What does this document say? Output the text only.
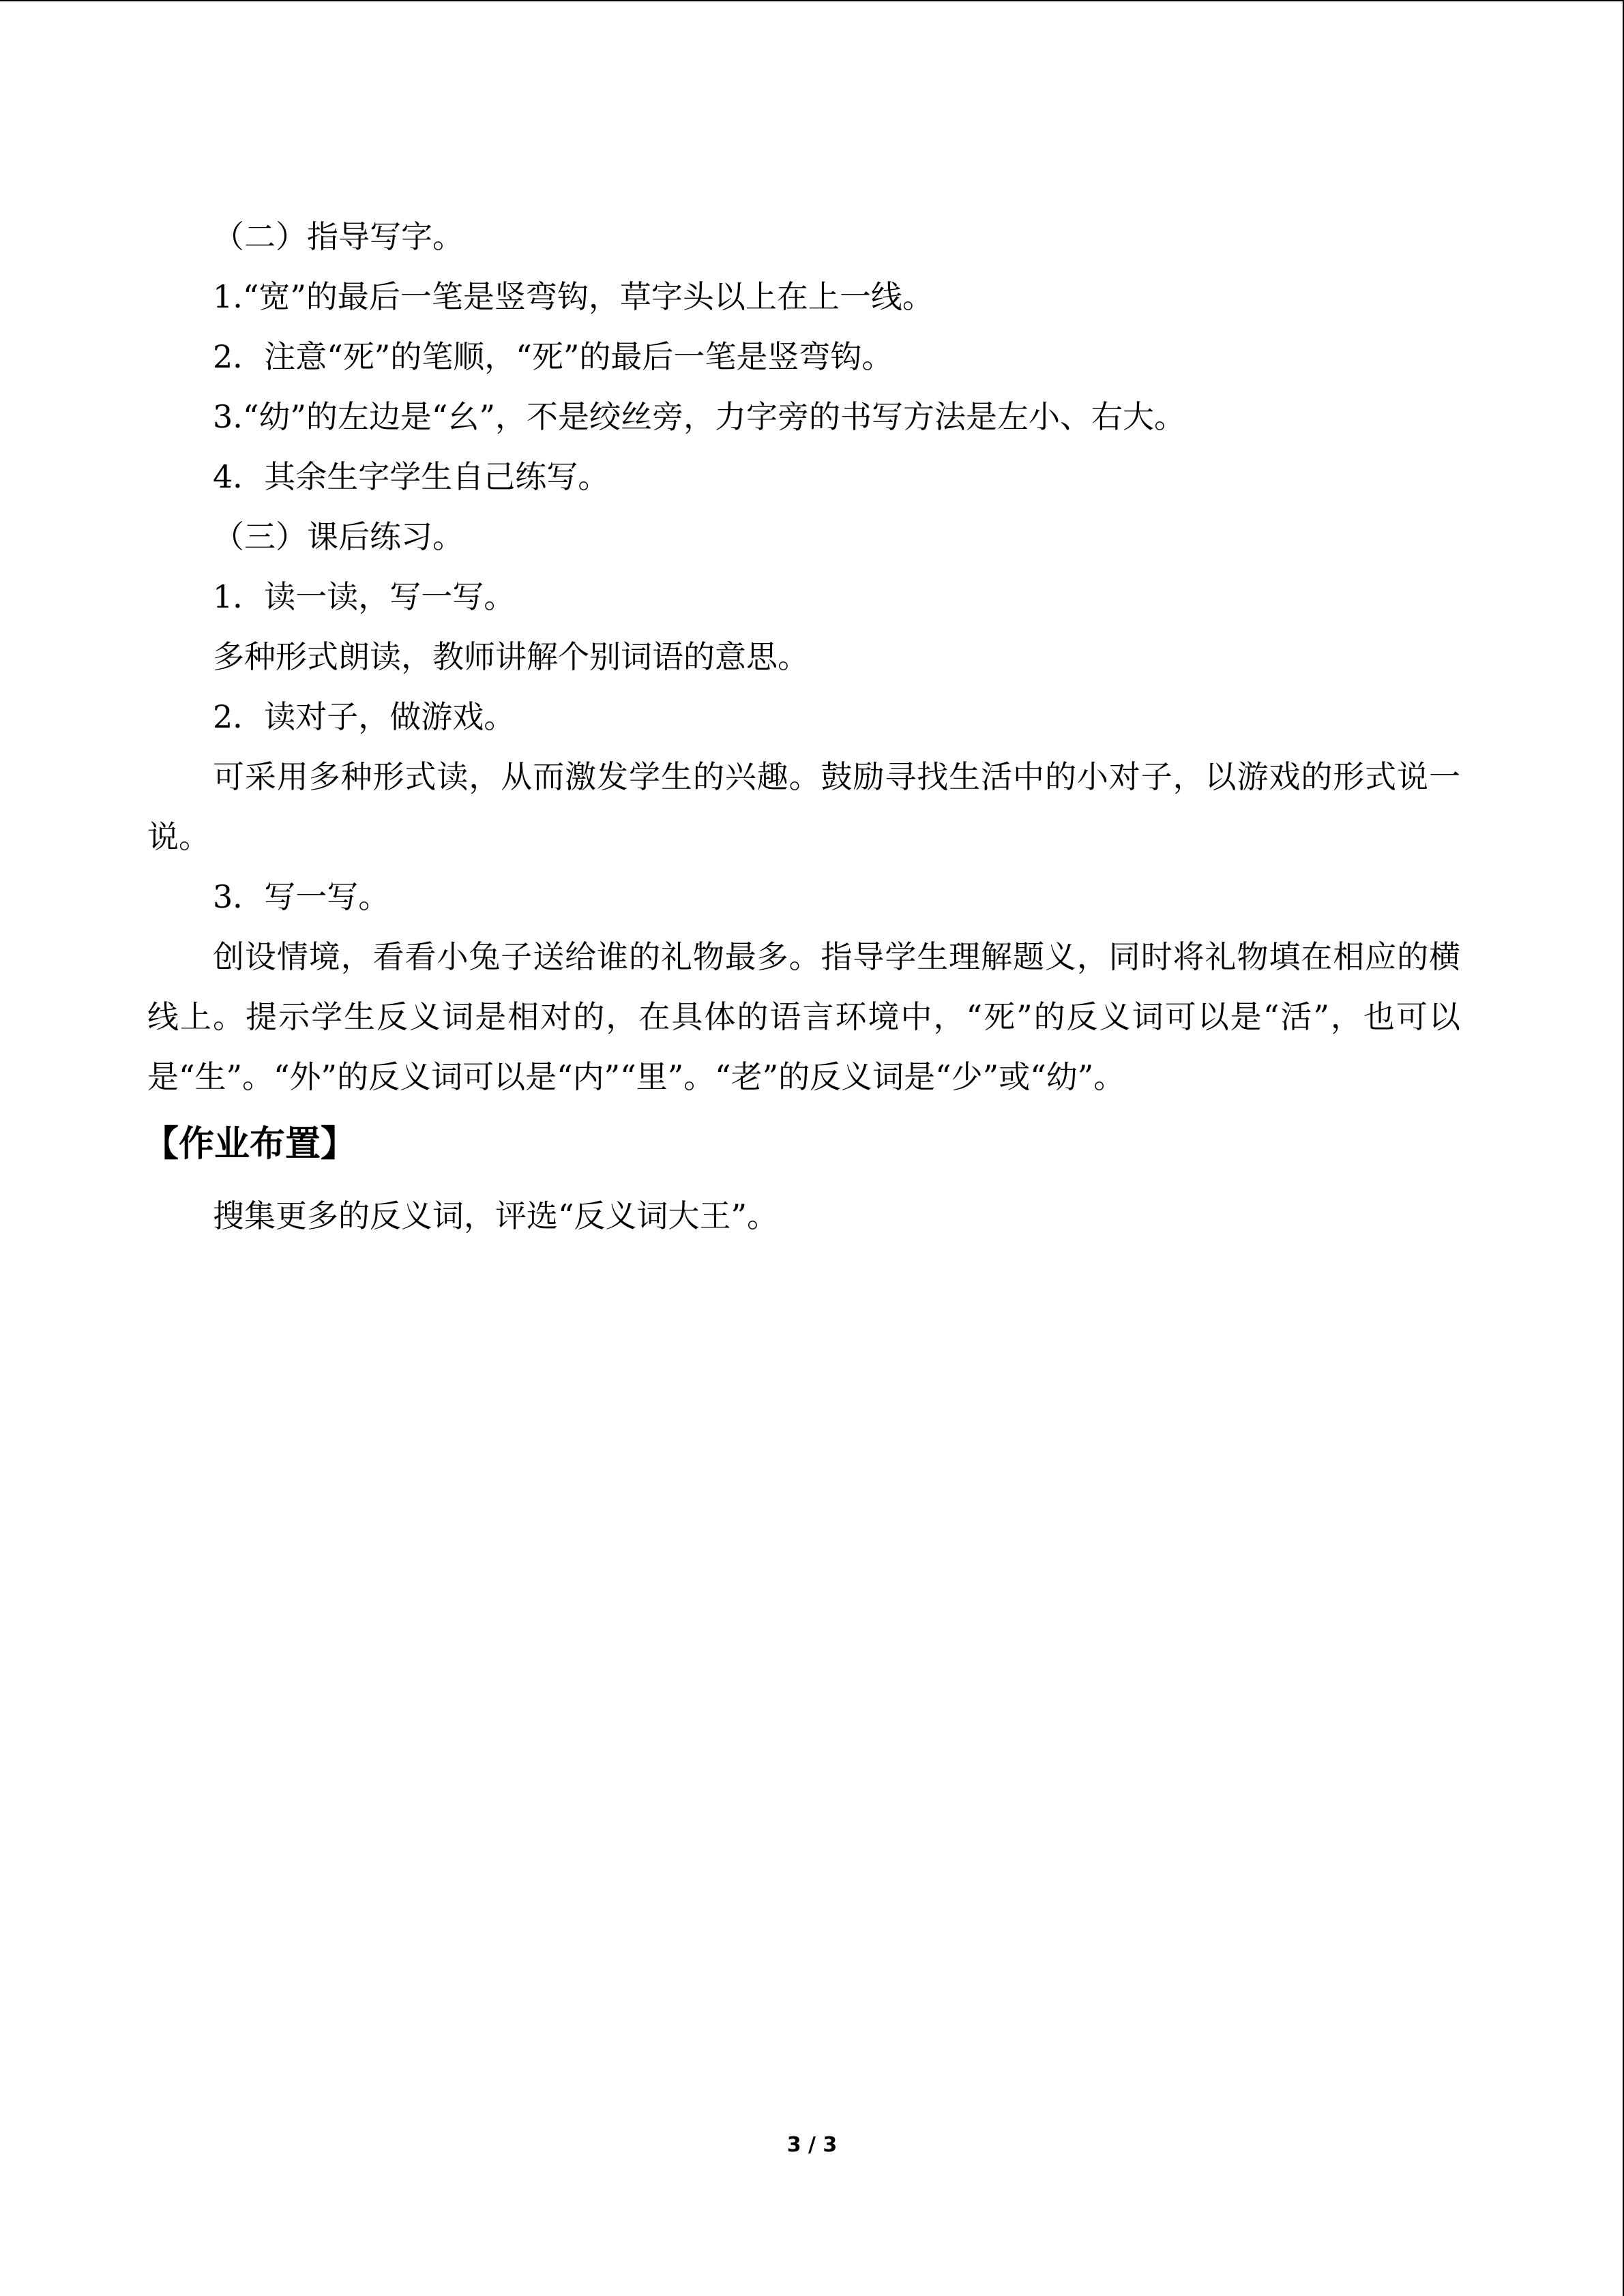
（二）指导写字。

1.“宽”的最后一笔是竖弯钩，草字头以上在上一线。

2．注意“死”的笔顺，“死”的最后一笔是竖弯钩。

3.“幼”的左边是“幺”，不是绞丝旁，力字旁的书写方法是左小、右大。

4．其余生字学生自己练写。

（三）课后练习。

1．读一读，写一写。

多种形式朗读，教师讲解个别词语的意思。

2．读对子，做游戏。

可采用多种形式读，从而激发学生的兴趣。鼓励寻找生活中的小对子，以游戏的形式说一说。

3．写一写。

创设情境，看看小兔子送给谁的礼物最多。指导学生理解题义，同时将礼物填在相应的横线上。提示学生反义词是相对的，在具体的语言环境中，“死”的反义词可以是“活”，也可以是“生”。“外”的反义词可以是“内”“里”。“老”的反义词是“少”或“幼”。

【作业布置】

搜集更多的反义词，评选“反义词大王”。

3 / 3
